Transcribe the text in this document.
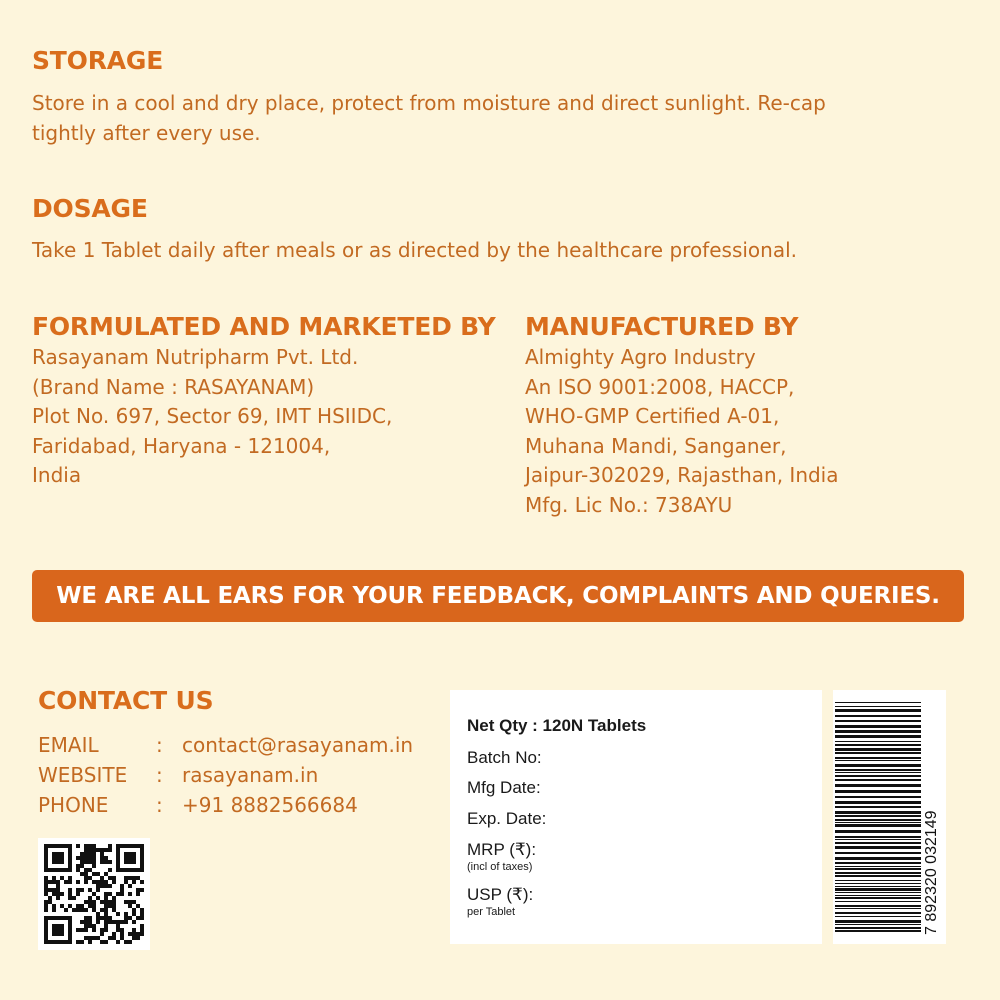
STORAGE
Store in a cool and dry place, protect from moisture and direct sunlight. Re-cap
tightly after every use.
DOSAGE
Take 1 Tablet daily after meals or as directed by the healthcare professional.
FORMULATED AND MARKETED BY
Rasayanam Nutripharm Pvt. Ltd.
(Brand Name : RASAYANAM)
Plot No. 697, Sector 69, IMT HSIIDC,
Faridabad, Haryana - 121004,
India
MANUFACTURED BY
Almighty Agro Industry
An ISO 9001:2008, HACCP,
WHO-GMP Certified A-01,
Muhana Mandi, Sanganer,
Jaipur-302029, Rajasthan, India
Mfg. Lic No.: 738AYU
WE ARE ALL EARS FOR YOUR FEEDBACK, COMPLAINTS AND QUERIES.
CONTACT US
EMAIL	: contact@rasayanam.in
WEBSITE	: rasayanam.in
PHONE	: +91 8882566684
Net Qty : 120N Tablets
Batch No:
Mfg Date:
Exp. Date:
MRP (₹):
(incl of taxes)
USP (₹):
per Tablet	7 892320 032149
